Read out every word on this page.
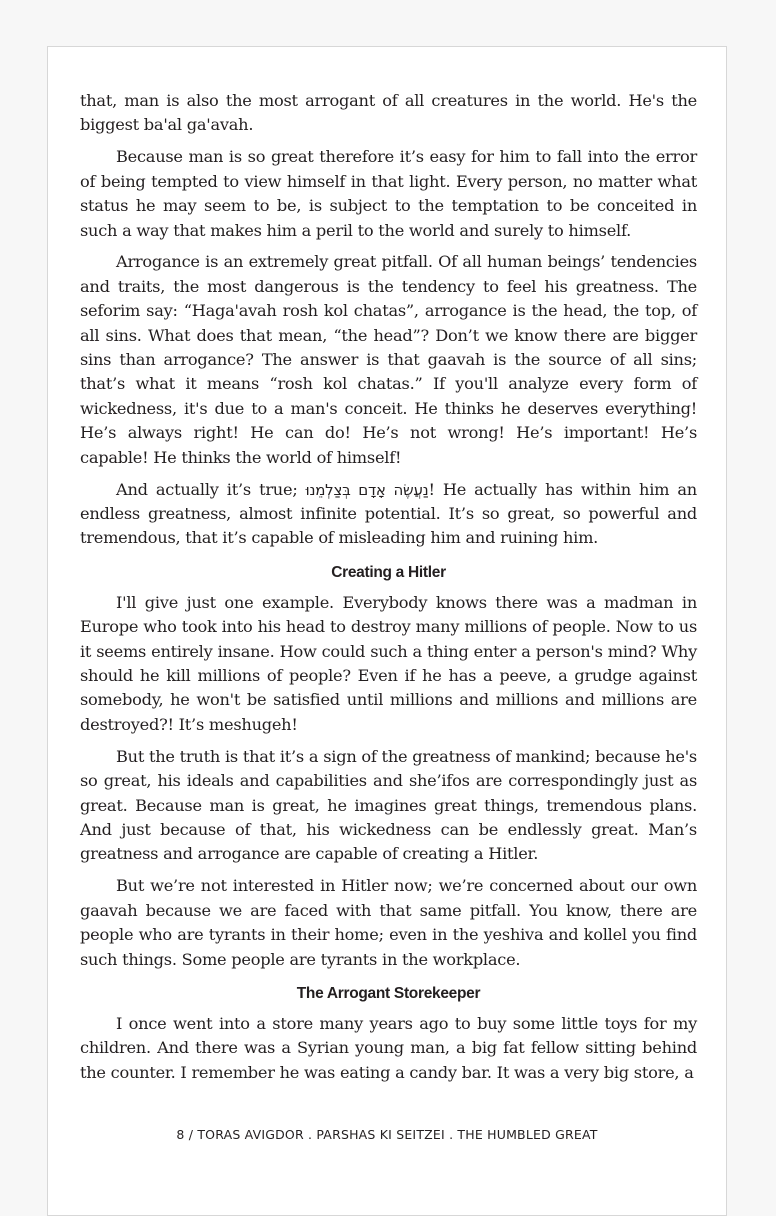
that, man is also the most arrogant of all creatures in the world. He's the biggest ba'al ga'avah.

Because man is so great therefore it’s easy for him to fall into the error of being tempted to view himself in that light. Every person, no matter what status he may seem to be, is subject to the temptation to be conceited in such a way that makes him a peril to the world and surely to himself.

Arrogance is an extremely great pitfall. Of all human beings’ tendencies and traits, the most dangerous is the tendency to feel his greatness. The seforim say: “Haga'avah rosh kol chatas”, arrogance is the head, the top, of all sins. What does that mean, “the head”? Don’t we know there are bigger sins than arrogance? The answer is that gaavah is the source of all sins; that’s what it means “rosh kol chatas.” If you'll analyze every form of wickedness, it's due to a man's conceit. He thinks he deserves everything! He’s always right! He can do! He’s not wrong! He’s important! He’s capable! He thinks the world of himself!

And actually it’s true; נַעֲשֶׂה אָדָם בְּצַלְמֵנוּ! He actually has within him an endless greatness, almost infinite potential. It’s so great, so powerful and tremendous, that it’s capable of misleading him and ruining him.

Creating a Hitler

I'll give just one example. Everybody knows there was a madman in Europe who took into his head to destroy many millions of people. Now to us it seems entirely insane. How could such a thing enter a person's mind? Why should he kill millions of people? Even if he has a peeve, a grudge against somebody, he won't be satisfied until millions and millions and millions are destroyed?! It’s meshugeh!

But the truth is that it’s a sign of the greatness of mankind; because he's so great, his ideals and capabilities and she’ifos are correspondingly just as great. Because man is great, he imagines great things, tremendous plans. And just because of that, his wickedness can be endlessly great. Man’s greatness and arrogance are capable of creating a Hitler.

But we’re not interested in Hitler now; we’re concerned about our own gaavah because we are faced with that same pitfall. You know, there are people who are tyrants in their home; even in the yeshiva and kollel you find such things. Some people are tyrants in the workplace.

The Arrogant Storekeeper

I once went into a store many years ago to buy some little toys for my children. And there was a Syrian young man, a big fat fellow sitting behind the counter. I remember he was eating a candy bar. It was a very big store, a

8 / TORAS AVIGDOR . PARSHAS KI SEITZEI . THE HUMBLED GREAT
